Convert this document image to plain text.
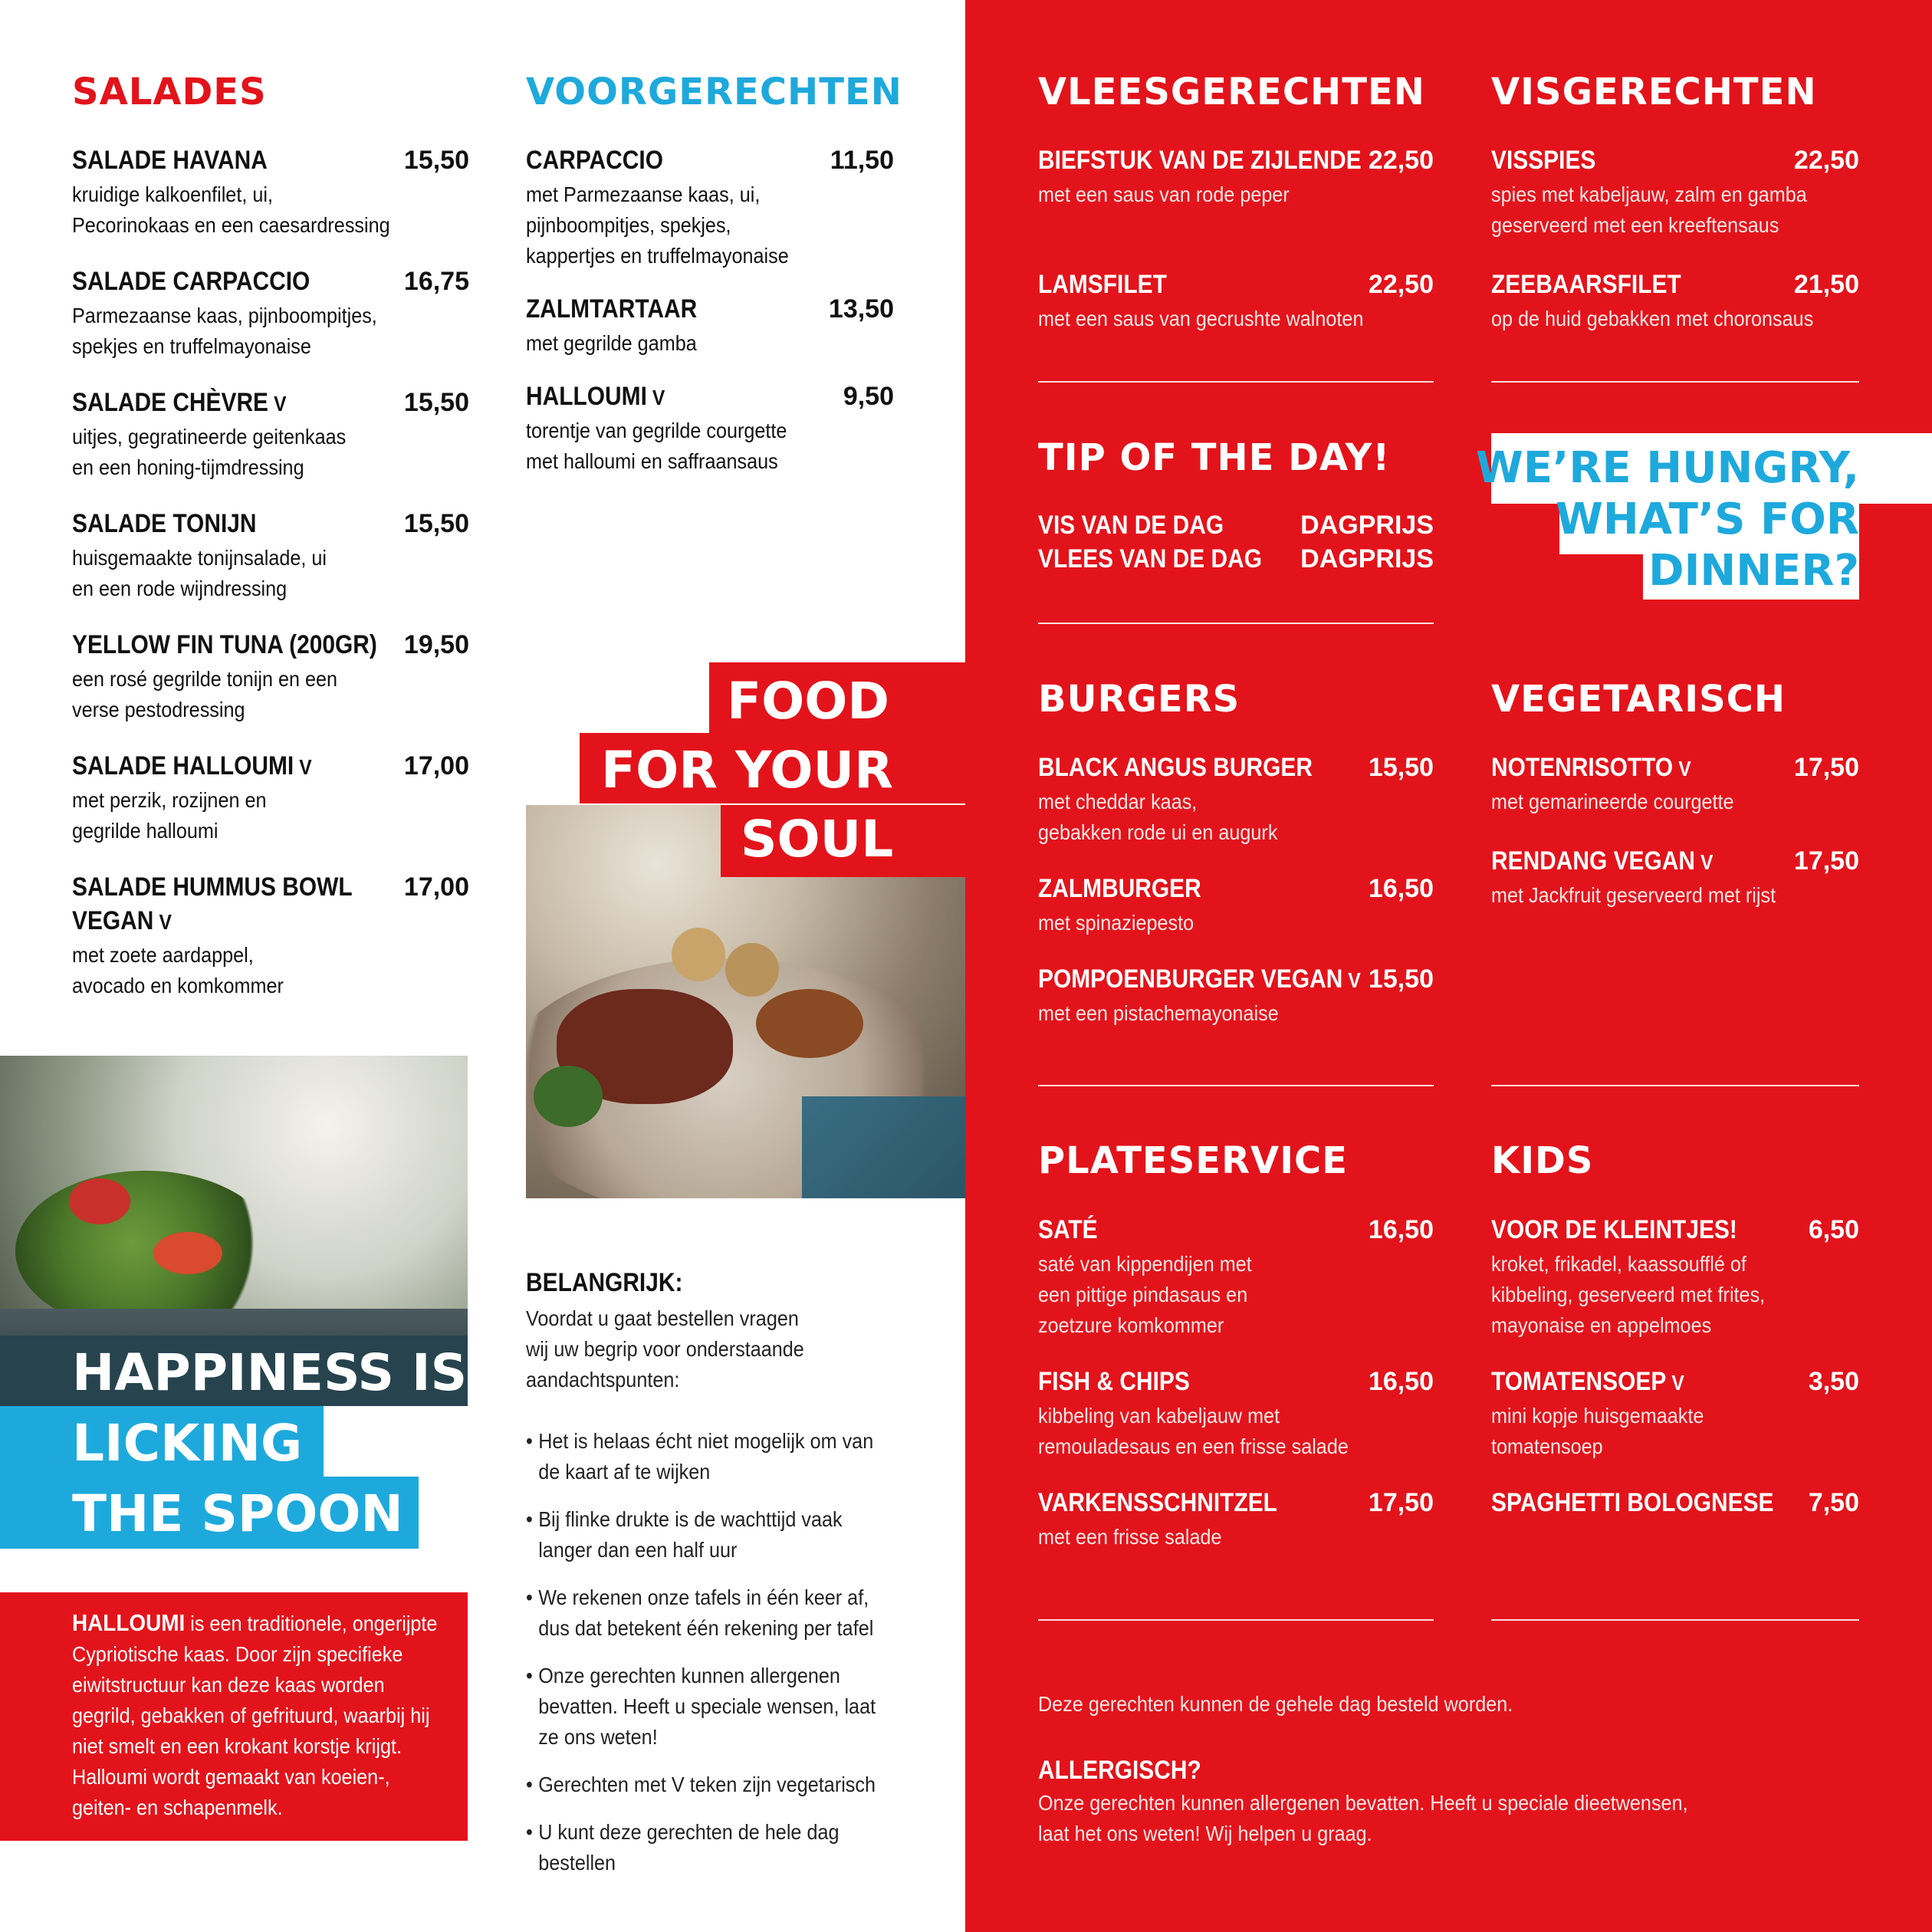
SALADES
SALADE HAVANA	15,50
kruidige kalkoenfilet, ui,
Pecorinokaas en een caesardressing
SALADE CARPACCIO	16,75
Parmezaanse kaas, pijnboompitjes,
spekjes en truffelmayonaise
SALADE CHÈVRE V	15,50
uitjes, gegratineerde geitenkaas
en een honing-tijmdressing
SALADE TONIJN	15,50
huisgemaakte tonijnsalade, ui
en een rode wijndressing
YELLOW FIN TUNA (200GR) 19,50
een rosé gegrilde tonijn en een
verse pestodressing
SALADE HALLOUMI V	17,00
met perzik, rozijnen en
gegrilde halloumi
SALADE HUMMUS BOWL 17,00
VEGAN V
met zoete aardappel,
avocado en komkommer
HAPPINESS IS
LICKING
THE SPOON
HALLOUMI is een traditionele, ongerijpte Cypriotische kaas. Door zijn specifieke eiwitstructuur kan deze kaas worden gegrild, gebakken of gefrituurd, waarbij hij niet smelt en een krokant korstje krijgt. Halloumi wordt gemaakt van koeien-, geiten- en schapenmelk.
VOORGERECHTEN
CARPACCIO	11,50
met Parmezaanse kaas, ui,
pijnboompitjes, spekjes,
kappertjes en truffelmayonaise
ZALMTARTAAR	13,50
met gegrilde gamba
HALLOUMI V	9,50
torentje van gegrilde courgette
met halloumi en saffraansaus
FOOD
FOR YOUR
SOUL
BELANGRIJK:
Voordat u gaat bestellen vragen wij uw begrip voor onderstaande aandachtspunten:
• Het is helaas écht niet mogelijk om van de kaart af te wijken
• Bij flinke drukte is de wachttijd vaak langer dan een half uur
• We rekenen onze tafels in één keer af, dus dat betekent één rekening per tafel
• Onze gerechten kunnen allergenen bevatten. Heeft u speciale wensen, laat ze ons weten!
• Gerechten met V teken zijn vegetarisch
• U kunt deze gerechten de hele dag bestellen
VLEESGERECHTEN
BIEFSTUK VAN DE ZIJLENDE 22,50
met een saus van rode peper
LAMSFILET	22,50
met een saus van gecrushte walnoten
TIP OF THE DAY!
VIS VAN DE DAG	DAGPRIJS
VLEES VAN DE DAG DAGPRIJS
BURGERS
BLACK ANGUS BURGER 15,50
met cheddar kaas,
gebakken rode ui en augurk
ZALMBURGER	16,50
met spinaziepesto
POMPOENBURGER VEGAN V 15,50
met een pistachemayonaise
PLATESERVICE
SATÉ	16,50
saté van kippendijen met
een pittige pindasaus en
zoetzure komkommer
FISH & CHIPS	16,50
kibbeling van kabeljauw met
remouladesaus en een frisse salade
VARKENSSCHNITZEL	17,50
met een frisse salade
VISGERECHTEN
VISSPIES	22,50
spies met kabeljauw, zalm en gamba
geserveerd met een kreeftensaus
ZEEBAARSFILET	21,50
op de huid gebakken met choronsaus
WE’RE HUNGRY,
WHAT’S FOR
DINNER?
VEGETARISCH
NOTENRISOTTO V	17,50
met gemarineerde courgette
RENDANG VEGAN V	17,50
met Jackfruit geserveerd met rijst
KIDS
VOOR DE KLEINTJES!	6,50
kroket, frikadel, kaassoufflé of
kibbeling, geserveerd met frites,
mayonaise en appelmoes
TOMATENSOEP V	3,50
mini kopje huisgemaakte
tomatensoep
SPAGHETTI BOLOGNESE 7,50
Deze gerechten kunnen de gehele dag besteld worden.
ALLERGISCH?
Onze gerechten kunnen allergenen bevatten. Heeft u speciale dieetwensen,
laat het ons weten! Wij helpen u graag.
